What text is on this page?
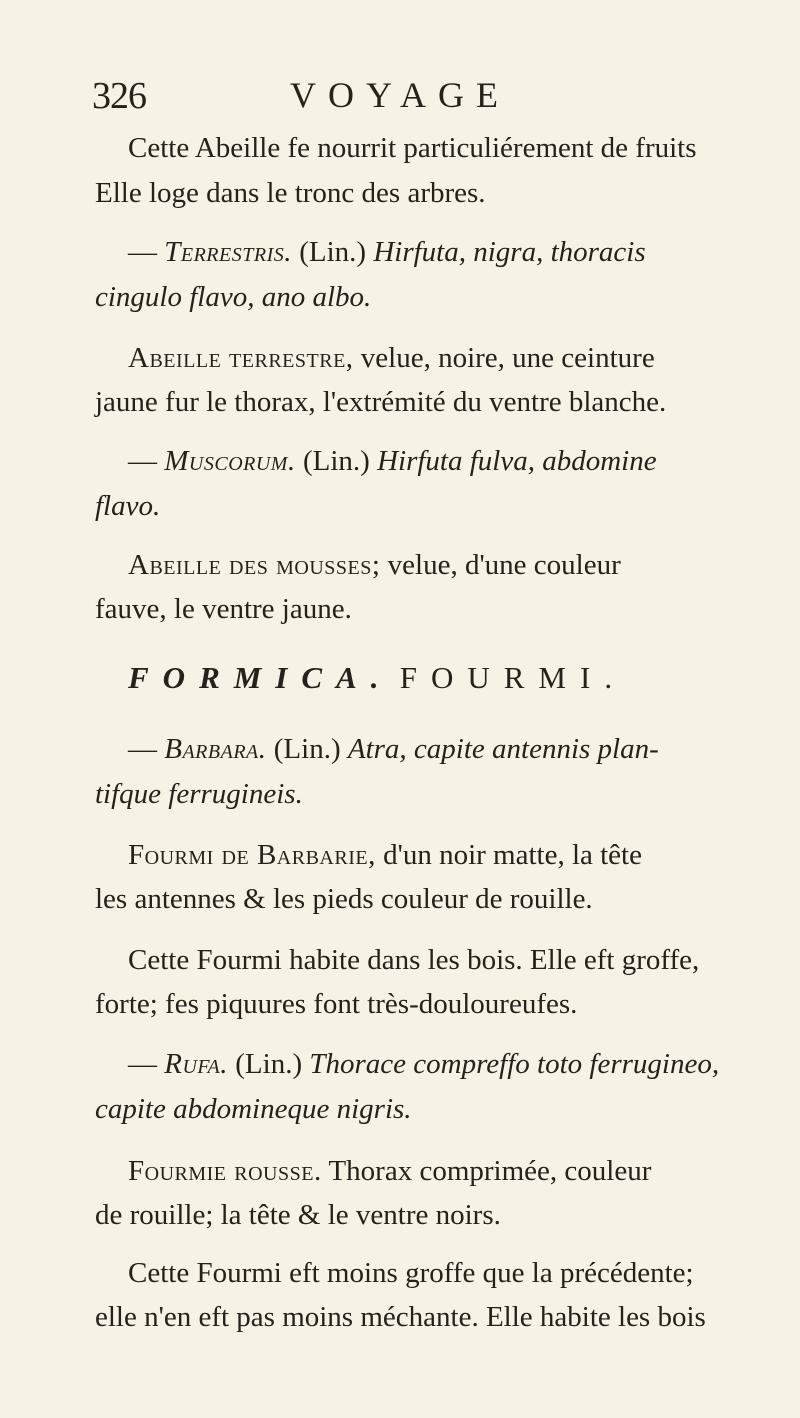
326	VOYAGE
Cette Abeille fe nourrit particuliérement de fruits
Elle loge dans le tronc des arbres.
— Terrestris. (Lin.) Hirfuta, nigra, thoracis
cingulo flavo, ano albo.
Abeille terrestre, velue, noire, une ceinture
jaune fur le thorax, l'extrémité du ventre blanche.
— Muscorum. (Lin.) Hirfuta fulva, abdomine
flavo.
Abeille des mousses; velue, d'une couleur
fauve, le ventre jaune.
FORMICA. FOURMI.
— Barbara. (Lin.) Atra, capite antennis plan-
tifque ferrugineis.
Fourmi de Barbarie, d'un noir matte, la tête
les antennes & les pieds couleur de rouille.
Cette Fourmi habite dans les bois. Elle eft groffe,
forte; fes piquures font très-douloureufes.
— Rufa. (Lin.) Thorace compreffo toto ferrugineo,
capite abdomineque nigris.
Fourmie rousse. Thorax comprimée, couleur
de rouille; la tête & le ventre noirs.
Cette Fourmi eft moins groffe que la précédente;
elle n'en eft pas moins méchante. Elle habite les bois
